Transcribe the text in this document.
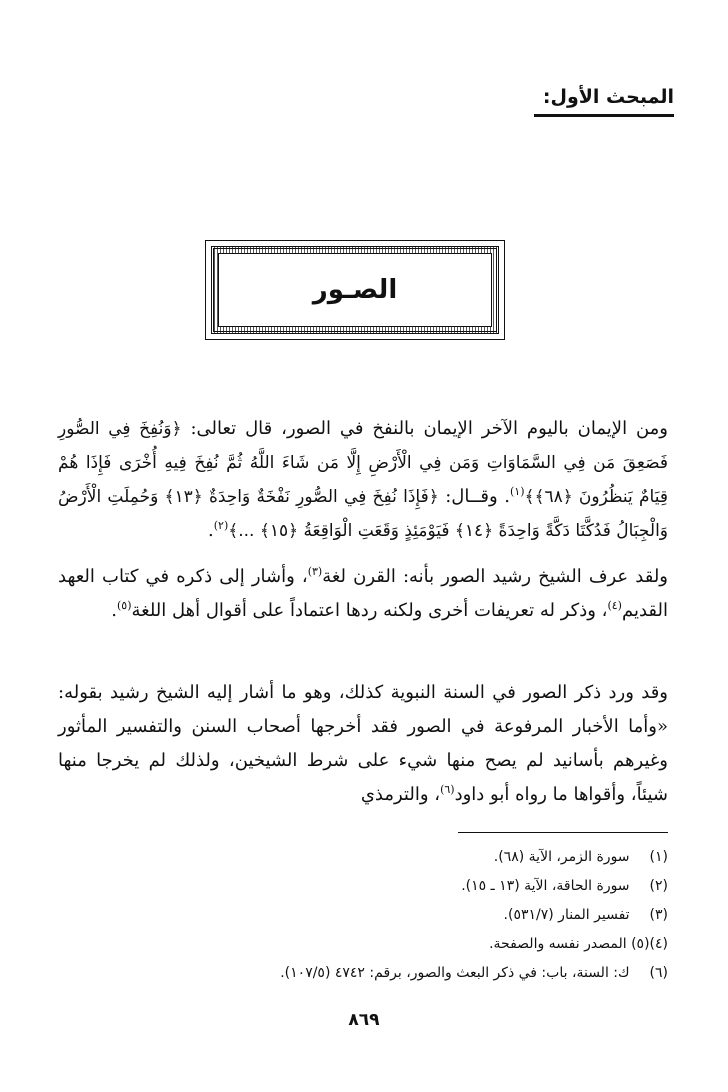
المبحث الأول:
الصـور

ومن الإيمان باليوم الآخر الإيمان بالنفخ في الصور، قال تعالى: ﴿وَنُفِخَ فِي الصُّورِ فَصَعِقَ مَن فِي السَّمَاوَاتِ وَمَن فِي الْأَرْضِ إِلَّا مَن شَاءَ اللَّهُ ثُمَّ نُفِخَ فِيهِ أُخْرَى فَإِذَا هُمْ قِيَامٌ يَنظُرُونَ ﴿٦٨﴾﴾$^{(١)}$. وقــال: ﴿فَإِذَا نُفِخَ فِي الصُّورِ نَفْخَةٌ وَاحِدَةٌ ﴿١٣﴾ وَحُمِلَتِ الْأَرْضُ وَالْجِبَالُ فَدُكَّتَا دَكَّةً وَاحِدَةً ﴿١٤﴾ فَيَوْمَئِذٍ وَقَعَتِ الْوَاقِعَةُ ﴿١٥﴾ ...﴾$^{(٢)}$.

ولقد عرف الشيخ رشيد الصور بأنه: القرن لغة$^{(٣)}$، وأشار إلى ذكره في كتاب العهد القديم$^{(٤)}$، وذكر له تعريفات أخرى ولكنه ردها اعتماداً على أقوال أهل اللغة$^{(٥)}$.

وقد ورد ذكر الصور في السنة النبوية كذلك، وهو ما أشار إليه الشيخ رشيد بقوله: «وأما الأخبار المرفوعة في الصور فقد أخرجها أصحاب السنن والتفسير المأثور وغيرهم بأسانيد لم يصح منها شيء على شرط الشيخين، ولذلك لم يخرجا منها شيئاً، وأقواها ما رواه أبو داود$^{(٦)}$، والترمذي

(١) سورة الزمر، الآية (٦٨).
(٢) سورة الحاقة، الآية (١٣ ـ ١٥).
(٣) تفسير المنار (٥٣١/٧).
(٤)(٥) المصدر نفسه والصفحة.
(٦) ك: السنة، باب: في ذكر البعث والصور، برقم: ٤٧٤٢ (١٠٧/٥).
٨٦٩
